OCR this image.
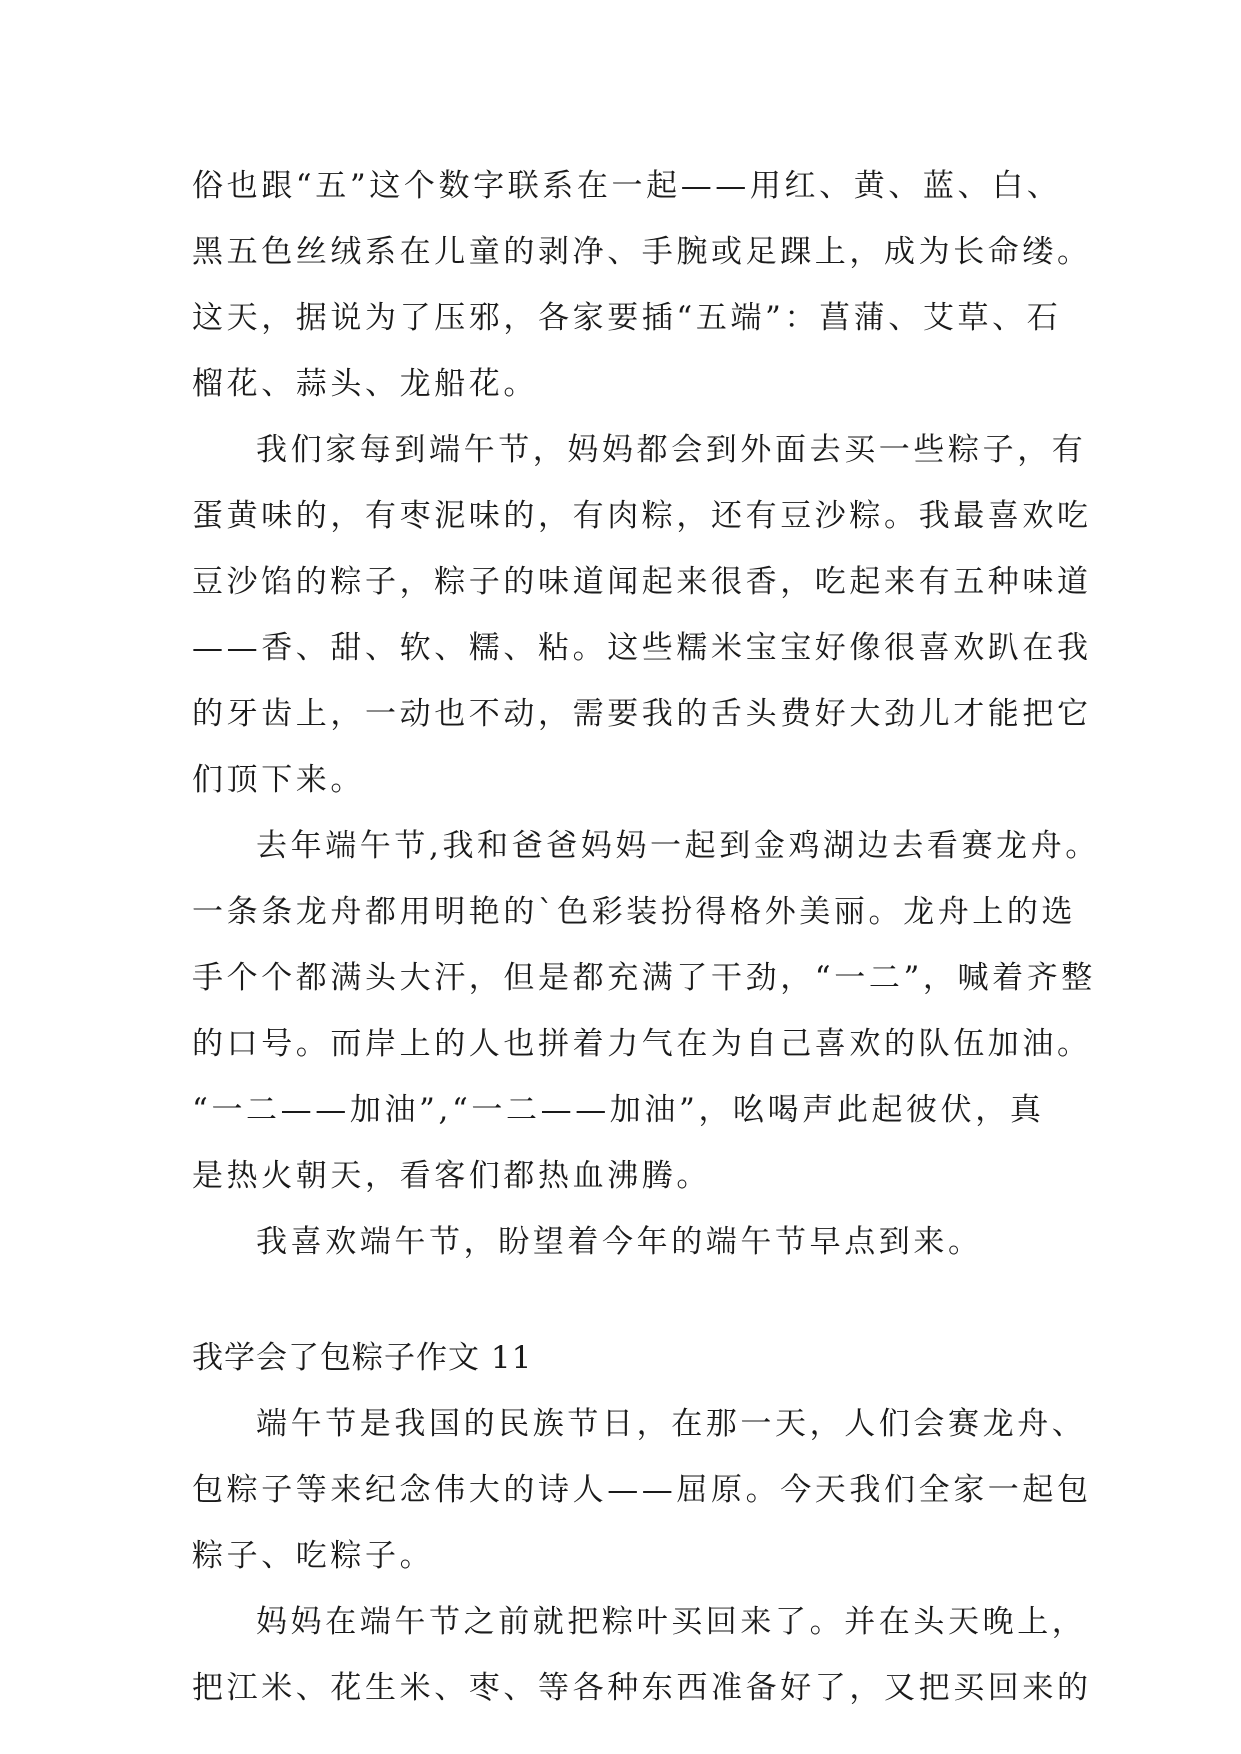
俗也跟“五”这个数字联系在一起——用红、黄、蓝、白、
黑五色丝绒系在儿童的剥净、手腕或足踝上，成为长命缕。
这天，据说为了压邪，各家要插“五端”：菖蒲、艾草、石
榴花、蒜头、龙船花。
我们家每到端午节，妈妈都会到外面去买一些粽子，有
蛋黄味的，有枣泥味的，有肉粽，还有豆沙粽。我最喜欢吃
豆沙馅的粽子，粽子的味道闻起来很香，吃起来有五种味道
——香、甜、软、糯、粘。这些糯米宝宝好像很喜欢趴在我
的牙齿上，一动也不动，需要我的舌头费好大劲儿才能把它
们顶下来。
去年端午节,我和爸爸妈妈一起到金鸡湖边去看赛龙舟。
一条条龙舟都用明艳的`色彩装扮得格外美丽。龙舟上的选
手个个都满头大汗，但是都充满了干劲，“一二”，喊着齐整
的口号。而岸上的人也拼着力气在为自己喜欢的队伍加油。
“一二——加油”,“一二——加油”，吆喝声此起彼伏，真
是热火朝天，看客们都热血沸腾。
我喜欢端午节，盼望着今年的端午节早点到来。
我学会了包粽子作文 11
端午节是我国的民族节日，在那一天，人们会赛龙舟、
包粽子等来纪念伟大的诗人——屈原。今天我们全家一起包
粽子、吃粽子。
妈妈在端午节之前就把粽叶买回来了。并在头天晚上，
把江米、花生米、枣、等各种东西准备好了，又把买回来的
